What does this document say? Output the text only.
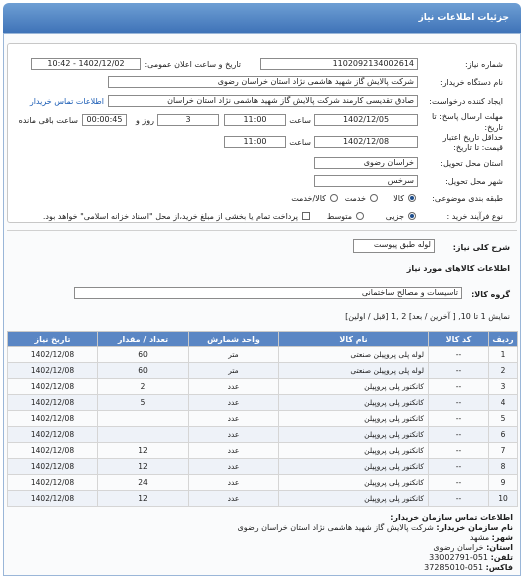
جزئیات اطلاعات نیاز
شماره نیاز:
1102092134002614
تاریخ و ساعت اعلان عمومی:
1402/12/02 - 10:42
نام دستگاه خریدار:
شرکت پالایش گاز شهید هاشمی نژاد استان خراسان رضوی
ایجاد کننده درخواست:
صادق تقدیسی کارمند شرکت پالایش گاز شهید هاشمی نژاد استان خراسان
اطلاعات تماس خریدار
مهلت ارسال پاسخ: تا
تاریخ:
1402/12/05
ساعت
11:00
3
روز و
00:00:45
ساعت باقی مانده
حداقل تاریخ اعتبار
قیمت: تا تاریخ:
1402/12/08
ساعت
11:00
استان محل تحویل:
خراسان رضوی
شهر محل تحویل:
سرخس
طبقه بندی موضوعی:
کالا
خدمت
کالا/خدمت
نوع فرآیند خرید :
جزیی
متوسط
پرداخت تمام یا بخشی از مبلغ خرید،از محل "اسناد خزانه اسلامی" خواهد بود.
شرح کلی نیاز:
لوله طبق پیوست
اطلاعات کالاهای مورد نیاز
گروه کالا:
تاسیسات و مصالح ساختمانی
نمایش 1 تا 10, [ آخرین / بعد] 2 ,1 [قبل / اولین]
ردیف	کد کالا	نام کالا	واحد شمارش	تعداد / مقدار	تاریخ نیاز
1	--	لوله پلی پروپیلن صنعتی	متر	60	1402/12/08
2	--	لوله پلی پروپیلن صنعتی	متر	60	1402/12/08
3	--	کانکتور پلی پروپیلن	عدد	2	1402/12/08
4	--	کانکتور پلی پروپیلن	عدد	5	1402/12/08
5	--	کانکتور پلی پروپیلن	عدد		1402/12/08
6	--	کانکتور پلی پروپیلن	عدد		1402/12/08
7	--	کانکتور پلی پروپیلن	عدد	12	1402/12/08
8	--	کانکتور پلی پروپیلن	عدد	12	1402/12/08
9	--	کانکتور پلی پروپیلن	عدد	24	1402/12/08
10	--	کانکتور پلی پروپیلن	عدد	12	1402/12/08
اطلاعات تماس سازمان خریدار:
نام سازمان خریدار: شرکت پالایش گاز شهید هاشمی نژاد استان خراسان رضوی
شهر: مشهد
استان: خراسان رضوی
تلفن: 051-33002791
فاکس: 051-37285010
